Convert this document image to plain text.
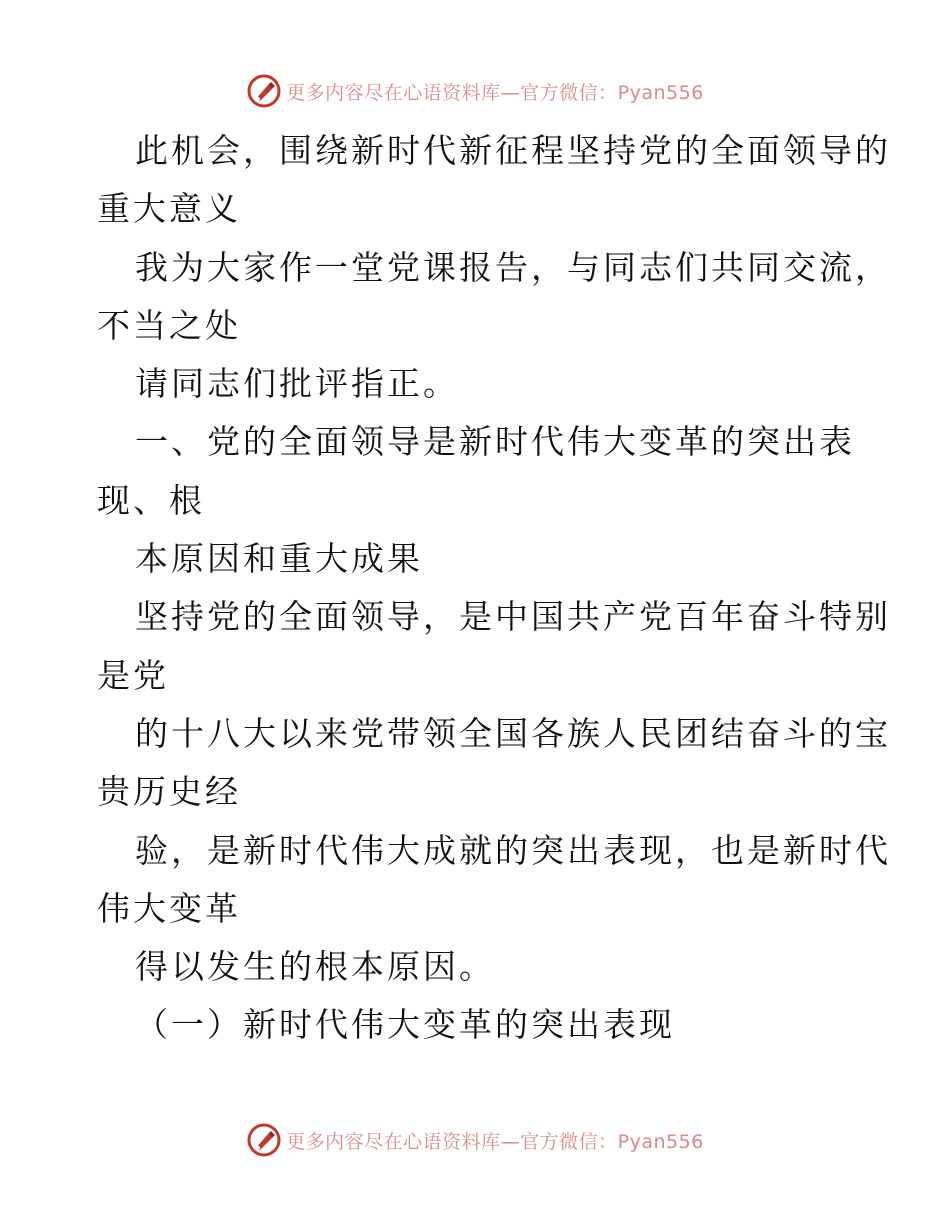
更多内容尽在心语资料库—官方微信：Pyan556
此机会，围绕新时代新征程坚持党的全面领导的
重大意义
我为大家作一堂党课报告，与同志们共同交流，
不当之处
请同志们批评指正。
一、党的全面领导是新时代伟大变革的突出表
现、根
本原因和重大成果
坚持党的全面领导，是中国共产党百年奋斗特别
是党
的十八大以来党带领全国各族人民团结奋斗的宝
贵历史经
验，是新时代伟大成就的突出表现，也是新时代
伟大变革
得以发生的根本原因。
（一）新时代伟大变革的突出表现
更多内容尽在心语资料库—官方微信：Pyan556
